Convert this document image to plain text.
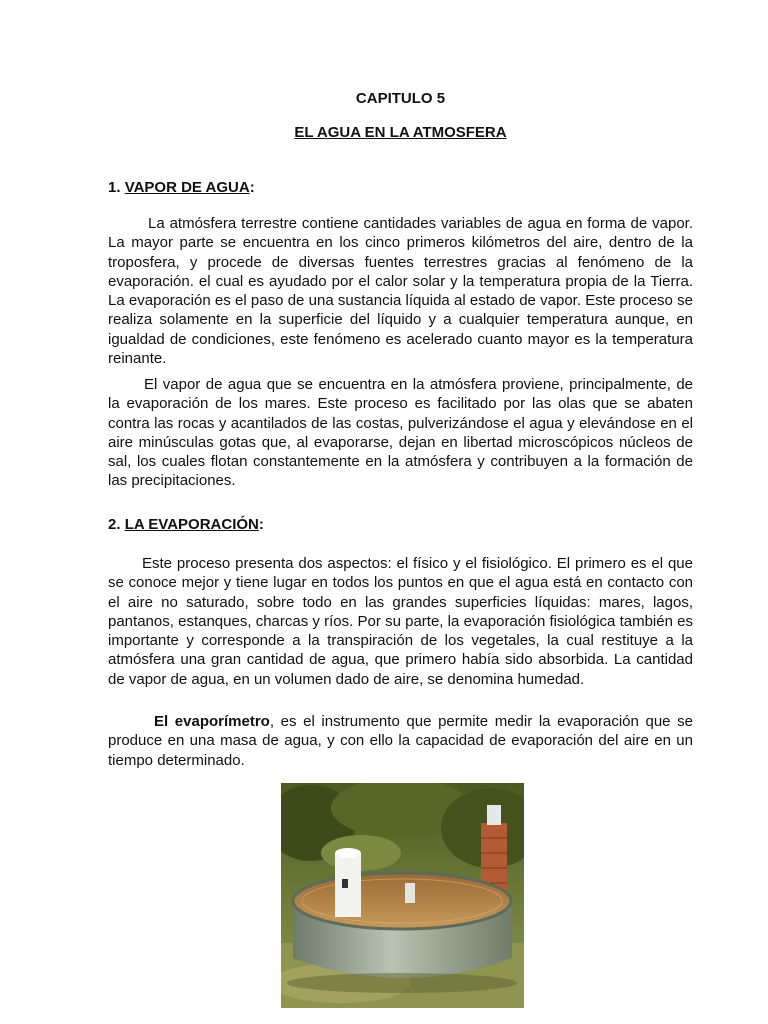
CAPITULO 5
EL AGUA EN LA ATMOSFERA
1. VAPOR DE AGUA:

La atmósfera terrestre contiene cantidades variables de agua en forma de vapor. La mayor parte se encuentra en los cinco primeros kilómetros del aire, dentro de la troposfera, y procede de diversas fuentes terrestres gracias al fenómeno de la evaporación. el cual es ayudado por el calor solar y la temperatura propia de la Tierra. La evaporación es el paso de una sustancia líquida al estado de vapor. Este proceso se realiza solamente en la superficie del líquido y a cualquier temperatura aunque, en igualdad de condiciones, este fenómeno es acelerado cuanto mayor es la temperatura reinante.

El vapor de agua que se encuentra en la atmósfera proviene, principalmente, de la evaporación de los mares. Este proceso es facilitado por las olas que se abaten contra las rocas y acantilados de las costas, pulverizándose el agua y elevándose en el aire minúsculas gotas que, al evaporarse, dejan en libertad microscópicos núcleos de sal, los cuales flotan constantemente en la atmósfera y contribuyen a la formación de las precipitaciones.

2. LA EVAPORACIÓN:

Este proceso presenta dos aspectos: el físico y el fisiológico. El primero es el que se conoce mejor y tiene lugar en todos los puntos en que el agua está en contacto con el aire no saturado, sobre todo en las grandes superficies líquidas: mares, lagos, pantanos, estanques, charcas y ríos. Por su parte, la evaporación fisiológica también es importante y corresponde a la transpiración de los vegetales, la cual restituye a la atmósfera una gran cantidad de agua, que primero había sido absorbida. La cantidad de vapor de agua, en un volumen dado de aire, se denomina humedad.

El evaporímetro, es el instrumento que permite medir la evaporación que se produce en una masa de agua, y con ello la capacidad de evaporación del aire en un tiempo determinado.
